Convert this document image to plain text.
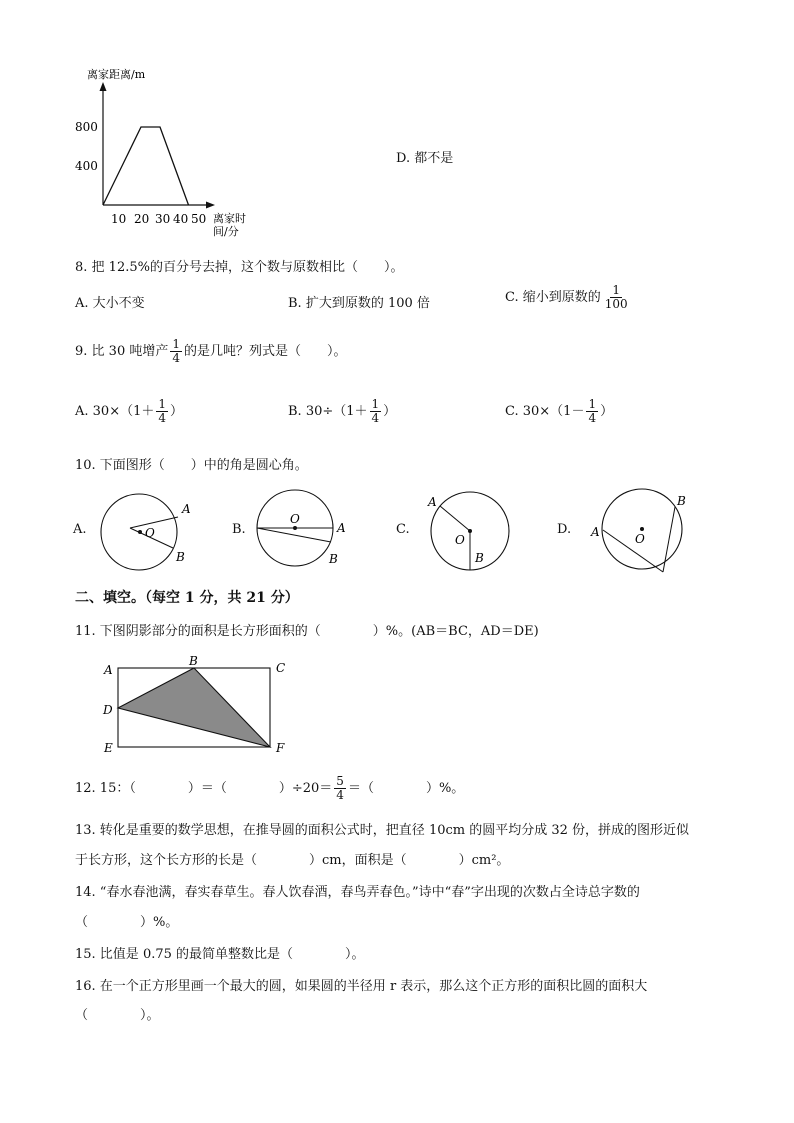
离家距离/m
800
400
10 20 30 40 50 离家时
间/分
D. 都不是
8. 把 12.5%的百分号去掉，这个数与原数相比（　　）。
A. 大小不变	B. 扩大到原数的 100 倍	C. 缩小到原数的 $\frac{1}{100}$
9. 比 30 吨增产 $\frac{1}{4}$ 的是几吨？列式是（　　）。
A. $30\times(1+ \frac{1}{4}$ ）	B. $30\div(1+ \frac{1}{4}$ ）	C. $30\times(1- \frac{1}{4}$ ）
10. 下面图形（　　）中的角是圆心角。
A.	O
A
B
B.
O
A
B
C.
A
O
B
D.
O
A
B
二、填空。（每空 1 分，共 21 分）
11. 下图阴影部分的面积是长方形面积的（　　　　）%。(AB＝BC，AD＝DE)
A
B	C
D
E	F
12. 15：（　　　　）＝（　　　　）$\div 20= \frac{5}{4}$ ＝（　　　　）%。
13. 转化是重要的数学思想，在推导圆的面积公式时，把直径 10cm 的圆平均分成 32 份，拼成的图形近似
于长方形，这个长方形的长是（　　　　）cm，面积是（　　　　）cm²。
14. “春水春池满，春实春草生。春人饮春酒，春鸟弄春色。”诗中“春”字出现的次数占全诗总字数的
（　　　　）%。
15. 比值是 0.75 的最简单整数比是（　　　　）。
16. 在一个正方形里画一个最大的圆，如果圆的半径用 r 表示，那么这个正方形的面积比圆的面积大
（　　　　）。
